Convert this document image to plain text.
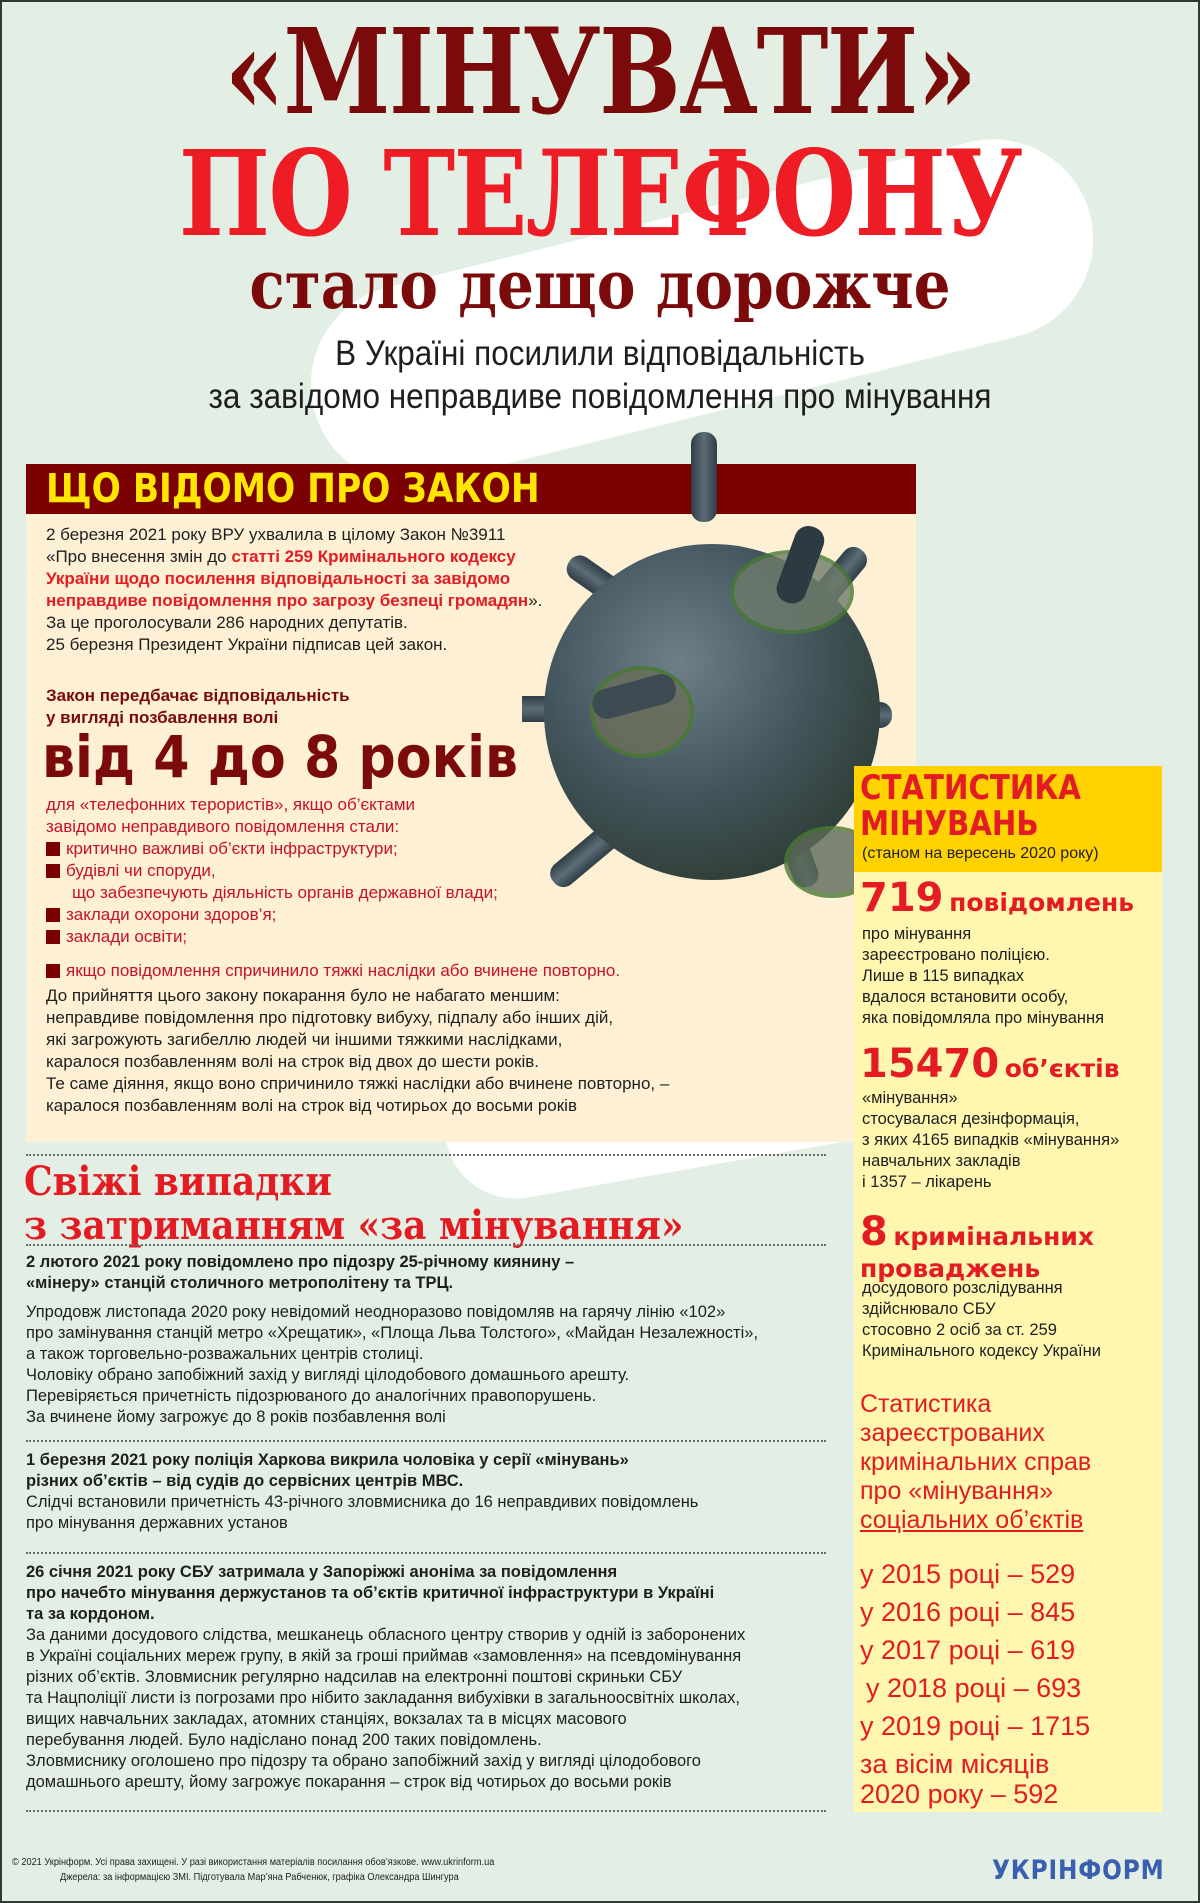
«МІНУВАТИ»
ПО ТЕЛЕФОНУ
стало дещо дорожче
В Україні посилили відповідальність
за завідомо неправдиве повідомлення про мінування
ЩО ВІДОМО ПРО ЗАКОН

2 березня 2021 року ВРУ ухвалила в цілому Закон №3911

«Про внесення змін до статті 259 Кримінального кодексу України щодо посилення відповідальності за завідомо неправдиве повідомлення про загрозу безпеці громадян».

За це проголосували 286 народних депутатів.

25 березня Президент України підписав цей закон.

Закон передбачає відповідальність
у вигляді позбавлення волі
від 4 до 8 років
для «телефонних терористів», якщо об’єктами
завідомо неправдивого повідомлення стали:
критично важливі об’єкти інфраструктури;
будівлі чи споруди,
що забезпечують діяльність органів державної влади;
заклади охорони здоров’я;
заклади освіти;
якщо повідомлення спричинило тяжкі наслідки або вчинене повторно.
До прийняття цього закону покарання було не набагато меншим:
неправдиве повідомлення про підготовку вибуху, підпалу або інших дій,
які загрожують загибеллю людей чи іншими тяжкими наслідками,
каралося позбавленням волі на строк від двох до шести років.
Те саме діяння, якщо воно спричинило тяжкі наслідки або вчинене повторно, –
каралося позбавленням волі на строк від чотирьох до восьми років
Свіжі випадки
з затриманням «за мінування»
2 лютого 2021 року повідомлено про підозру 25-річному киянину –
«мінеру» станцій столичного метрополітену та ТРЦ.
Упродовж листопада 2020 року невідомий неодноразово повідомляв на гарячу лінію «102»
про замінування станцій метро «Хрещатик», «Площа Льва Толстого», «Майдан Незалежності»,
а також торговельно-розважальних центрів столиці.
Чоловіку обрано запобіжний захід у вигляді цілодобового домашнього арешту.
Перевіряється причетність підозрюваного до аналогічних правопорушень.
За вчинене йому загрожує до 8 років позбавлення волі
1 березня 2021 року поліція Харкова викрила чоловіка у серії «мінувань»
різних об’єктів – від судів до сервісних центрів МВС.
Слідчі встановили причетність 43-річного зловмисника до 16 неправдивих повідомлень
про мінування державних установ
26 січня 2021 року СБУ затримала у Запоріжжі аноніма за повідомлення
про начебто мінування держустанов та об’єктів критичної інфраструктури в Україні
та за кордоном.
За даними досудового слідства, мешканець обласного центру створив у одній із заборонених
в Україні соціальних мереж групу, в якій за гроші приймав «замовлення» на псевдомінування
різних об’єктів. Зловмисник регулярно надсилав на електронні поштові скриньки СБУ
та Нацполіції листи із погрозами про нібито закладання вибухівки в загальноосвітніх школах,
вищих навчальних закладах, атомних станціях, вокзалах та в місцях масового
перебування людей. Було надіслано понад 200 таких повідомлень.
Зловмиснику оголошено про підозру та обрано запобіжний захід у вигляді цілодобового
домашнього арешту, йому загрожує покарання – строк від чотирьох до восьми років
СТАТИСТИКА
МІНУВАНЬ
(станом на вересень 2020 року)
719 повідомлень
про мінування
зареєстровано поліцією.
Лише в 115 випадках
вдалося встановити особу,
яка повідомляла про мінування
15470 об’єктів
«мінування»
стосувалася дезінформація,
з яких 4165 випадків «мінування»
навчальних закладів
і 1357 – лікарень
8 кримінальних
проваджень
досудового розслідування
здійснювало СБУ
стосовно 2 осіб за ст. 259
Кримінального кодексу України
Статистика
зареєстрованих
кримінальних справ
про «мінування»
соціальних об’єктів
у 2015 році – 529
у 2016 році – 845
у 2017 році – 619
у 2018 році – 693
у 2019 році – 1715
за вісім місяців
2020 року – 592
© 2021 Укрінформ. Усі права захищені. У разі використання матеріалів посилання обов’язкове. www.ukrinform.ua
Джерела: за інформацією ЗМІ. Підготувала Мар’яна Рабченюк, графіка Олександра Шингура	УКРІНФОРМ
